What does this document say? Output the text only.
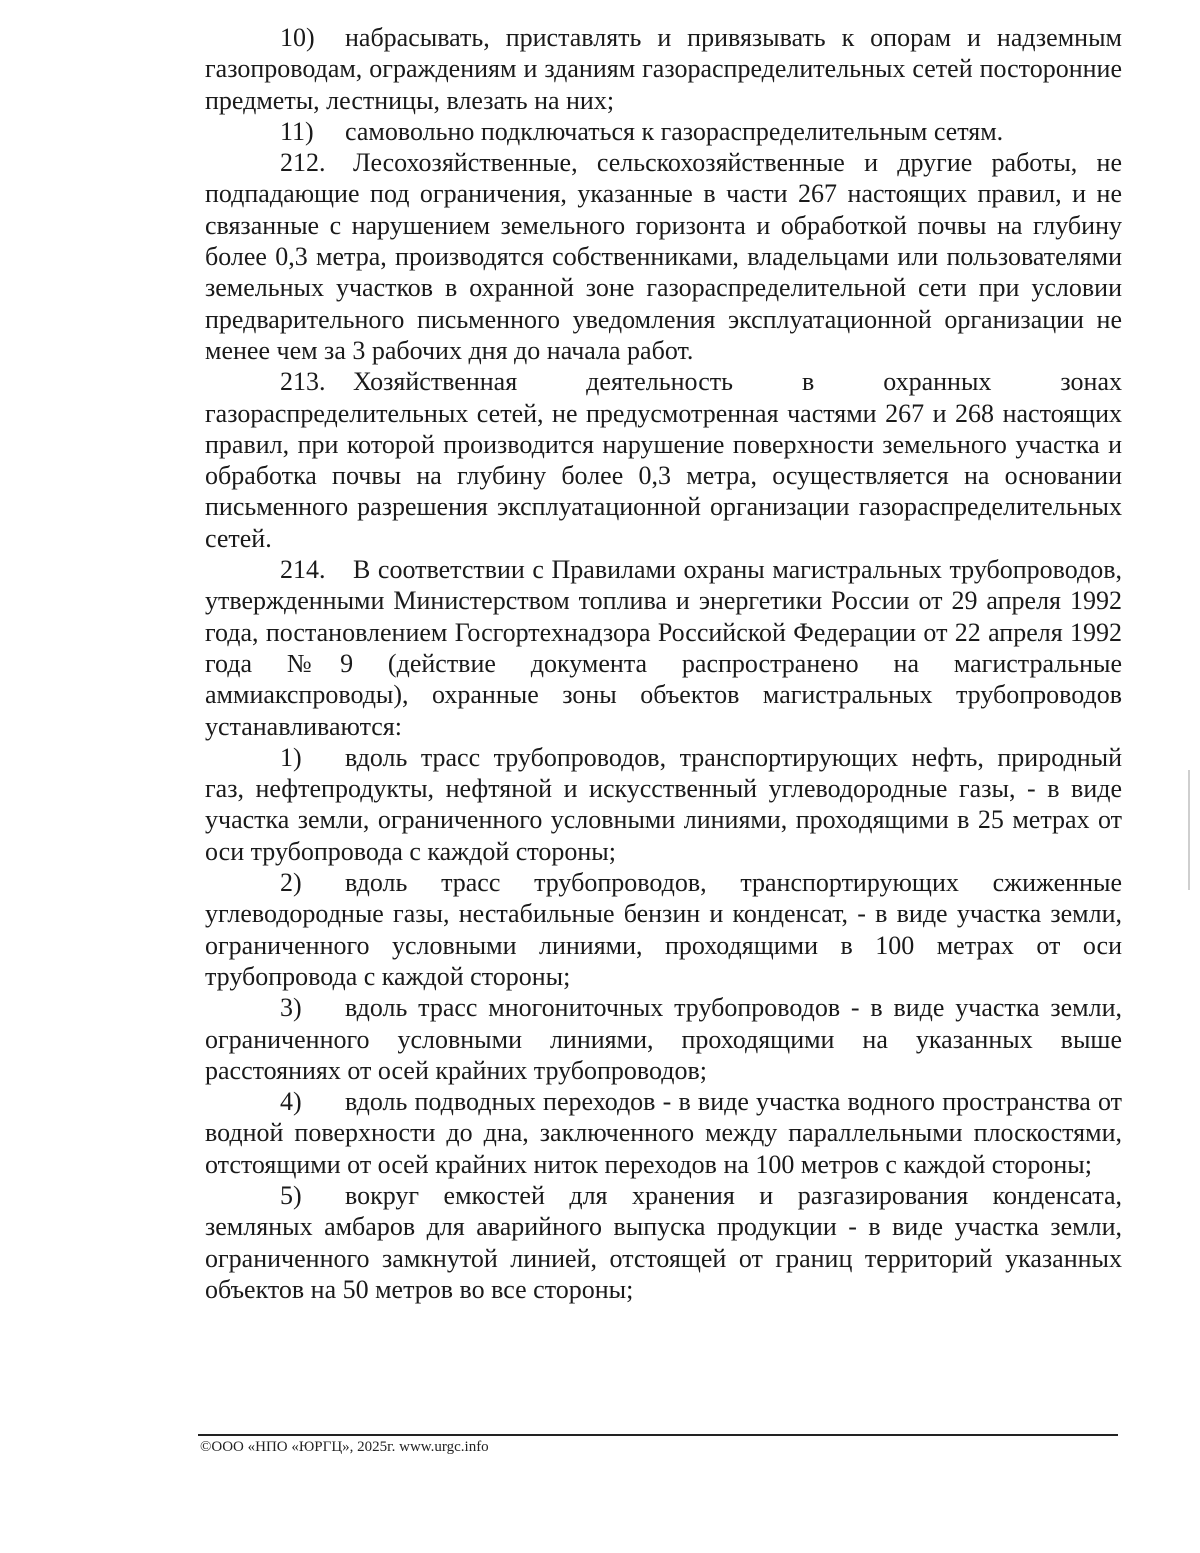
10) набрасывать, приставлять и привязывать к опорам и надземным газопроводам, ограждениям и зданиям газораспределительных сетей посторонние предметы, лестницы, влезать на них;

11) самовольно подключаться к газораспределительным сетям.

212. Лесохозяйственные, сельскохозяйственные и другие работы, не подпадающие под ограничения, указанные в части 267 настоящих правил, и не связанные с нарушением земельного горизонта и обработкой почвы на глубину более 0,3 метра, производятся собственниками, владельцами или пользователями земельных участков в охранной зоне газораспределительной сети при условии предварительного письменного уведомления эксплуатационной организации не менее чем за 3 рабочих дня до начала работ.

213. Хозяйственная деятельность в охранных зонах газораспределительных сетей, не предусмотренная частями 267 и 268 настоящих правил, при которой производится нарушение поверхности земельного участка и обработка почвы на глубину более 0,3 метра, осуществляется на основании письменного разрешения эксплуатационной организации газораспределительных сетей.

214. В соответствии с Правилами охраны магистральных трубопроводов, утвержденными Министерством топлива и энергетики России от 29 апреля 1992 года, постановлением Госгортехнадзора Российской Федерации от 22 апреля 1992 года №9 (действие документа распространено на магистральные аммиакспроводы), охранные зоны объектов магистральных трубопроводов устанавливаются:

1) вдоль трасс трубопроводов, транспортирующих нефть, природный газ, нефтепродукты, нефтяной и искусственный углеводородные газы, - в виде участка земли, ограниченного условными линиями, проходящими в 25 метрах от оси трубопровода с каждой стороны;

2) вдоль трасс трубопроводов, транспортирующих сжиженные углеводородные газы, нестабильные бензин и конденсат, - в виде участка земли, ограниченного условными линиями, проходящими в 100 метрах от оси трубопровода с каждой стороны;

3) вдоль трасс многониточных трубопроводов - в виде участка земли, ограниченного условными линиями, проходящими на указанных выше расстояниях от осей крайних трубопроводов;

4) вдоль подводных переходов - в виде участка водного пространства от водной поверхности до дна, заключенного между параллельными плоскостями, отстоящими от осей крайних ниток переходов на 100 метров с каждой стороны;

5) вокруг емкостей для хранения и разгазирования конденсата, земляных амбаров для аварийного выпуска продукции - в виде участка земли, ограниченного замкнутой линией, отстоящей от границ территорий указанных объектов на 50 метров во все стороны;

©ООО «НПО «ЮРГЦ», 2025г. www.urgc.info
